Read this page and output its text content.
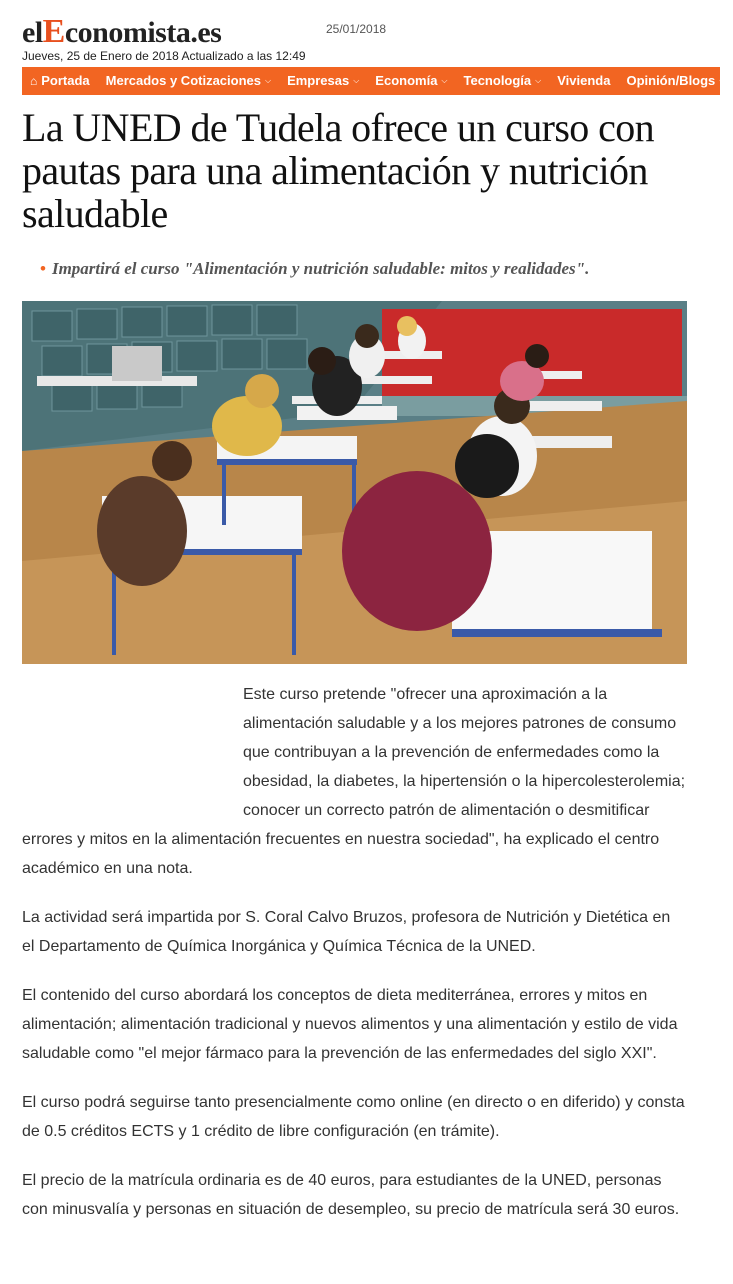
elEconomista.es	25/01/2018
Jueves, 25 de Enero de 2018 Actualizado a las 12:49
⌂ Portada Mercados y Cotizaciones ⌵ Empresas ⌵ Economía ⌵ Tecnología ⌵ Vivienda Opinión/Blogs ⌵
La UNED de Tudela ofrece un curso con pautas para una alimentación y nutrición saludable
• Impartirá el curso "Alimentación y nutrición saludable: mitos y realidades".

Este curso pretende "ofrecer una aproximación a la alimentación saludable y a los mejores patrones de consumo que contribuyan a la prevención de enfermedades como la obesidad, la diabetes, la hipertensión o la hipercolesterolemia; conocer un correcto patrón de alimentación o desmitificar errores y mitos en la alimentación frecuentes en nuestra sociedad", ha explicado el centro académico en una nota.

La actividad será impartida por S. Coral Calvo Bruzos, profesora de Nutrición y Dietética en el Departamento de Química Inorgánica y Química Técnica de la UNED.

El contenido del curso abordará los conceptos de dieta mediterránea, errores y mitos en alimentación; alimentación tradicional y nuevos alimentos y una alimentación y estilo de vida saludable como "el mejor fármaco para la prevención de las enfermedades del siglo XXI".

El curso podrá seguirse tanto presencialmente como online (en directo o en diferido) y consta de 0.5 créditos ECTS y 1 crédito de libre configuración (en trámite).

El precio de la matrícula ordinaria es de 40 euros, para estudiantes de la UNED, personas con minusvalía y personas en situación de desempleo, su precio de matrícula será 30 euros.
